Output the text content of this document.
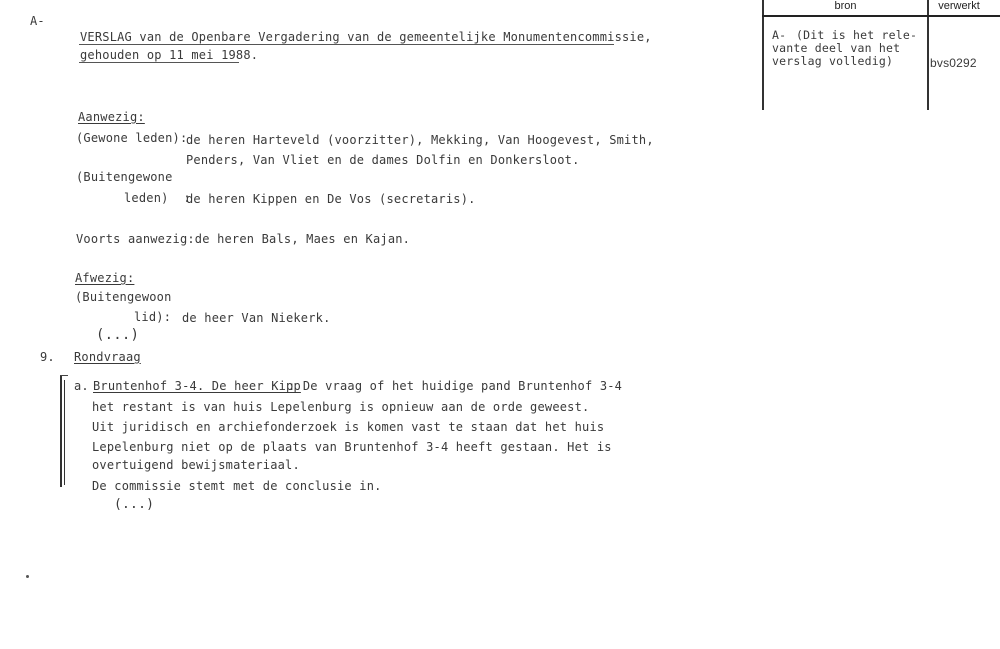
A-
VERSLAG van de Openbare Vergadering van de gemeentelijke Monumentencommissie,
gehouden op 11 mei 1988.
Aanwezig:
(Gewone leden):
de heren Harteveld (voorzitter), Mekking, Van Hoogevest, Smith,
Penders, Van Vliet en de dames Dolfin en Donkersloot.
(Buitengewone
leden)  :
de heren Kippen en De Vos (secretaris).
Voorts aanwezig:de heren Bals, Maes en Kajan.
Afwezig:
(Buitengewoon
lid): de heer Van Niekerk.
(...)
9. Rondvraag
a. Bruntenhof 3-4. De heer Kipp
: De vraag of het huidige pand Bruntenhof 3-4
het restant is van huis Lepelenburg is opnieuw aan de orde geweest.
Uit juridisch en archiefonderzoek is komen vast te staan dat het huis
Lepelenburg niet op de plaats van Bruntenhof 3-4 heeft gestaan. Het is
overtuigend bewijsmateriaal.
De commissie stemt met de conclusie in.
(...)
bron	verwerkt
A- (Dit is het rele-
vante deel van het
verslag volledig)	bvs0292
